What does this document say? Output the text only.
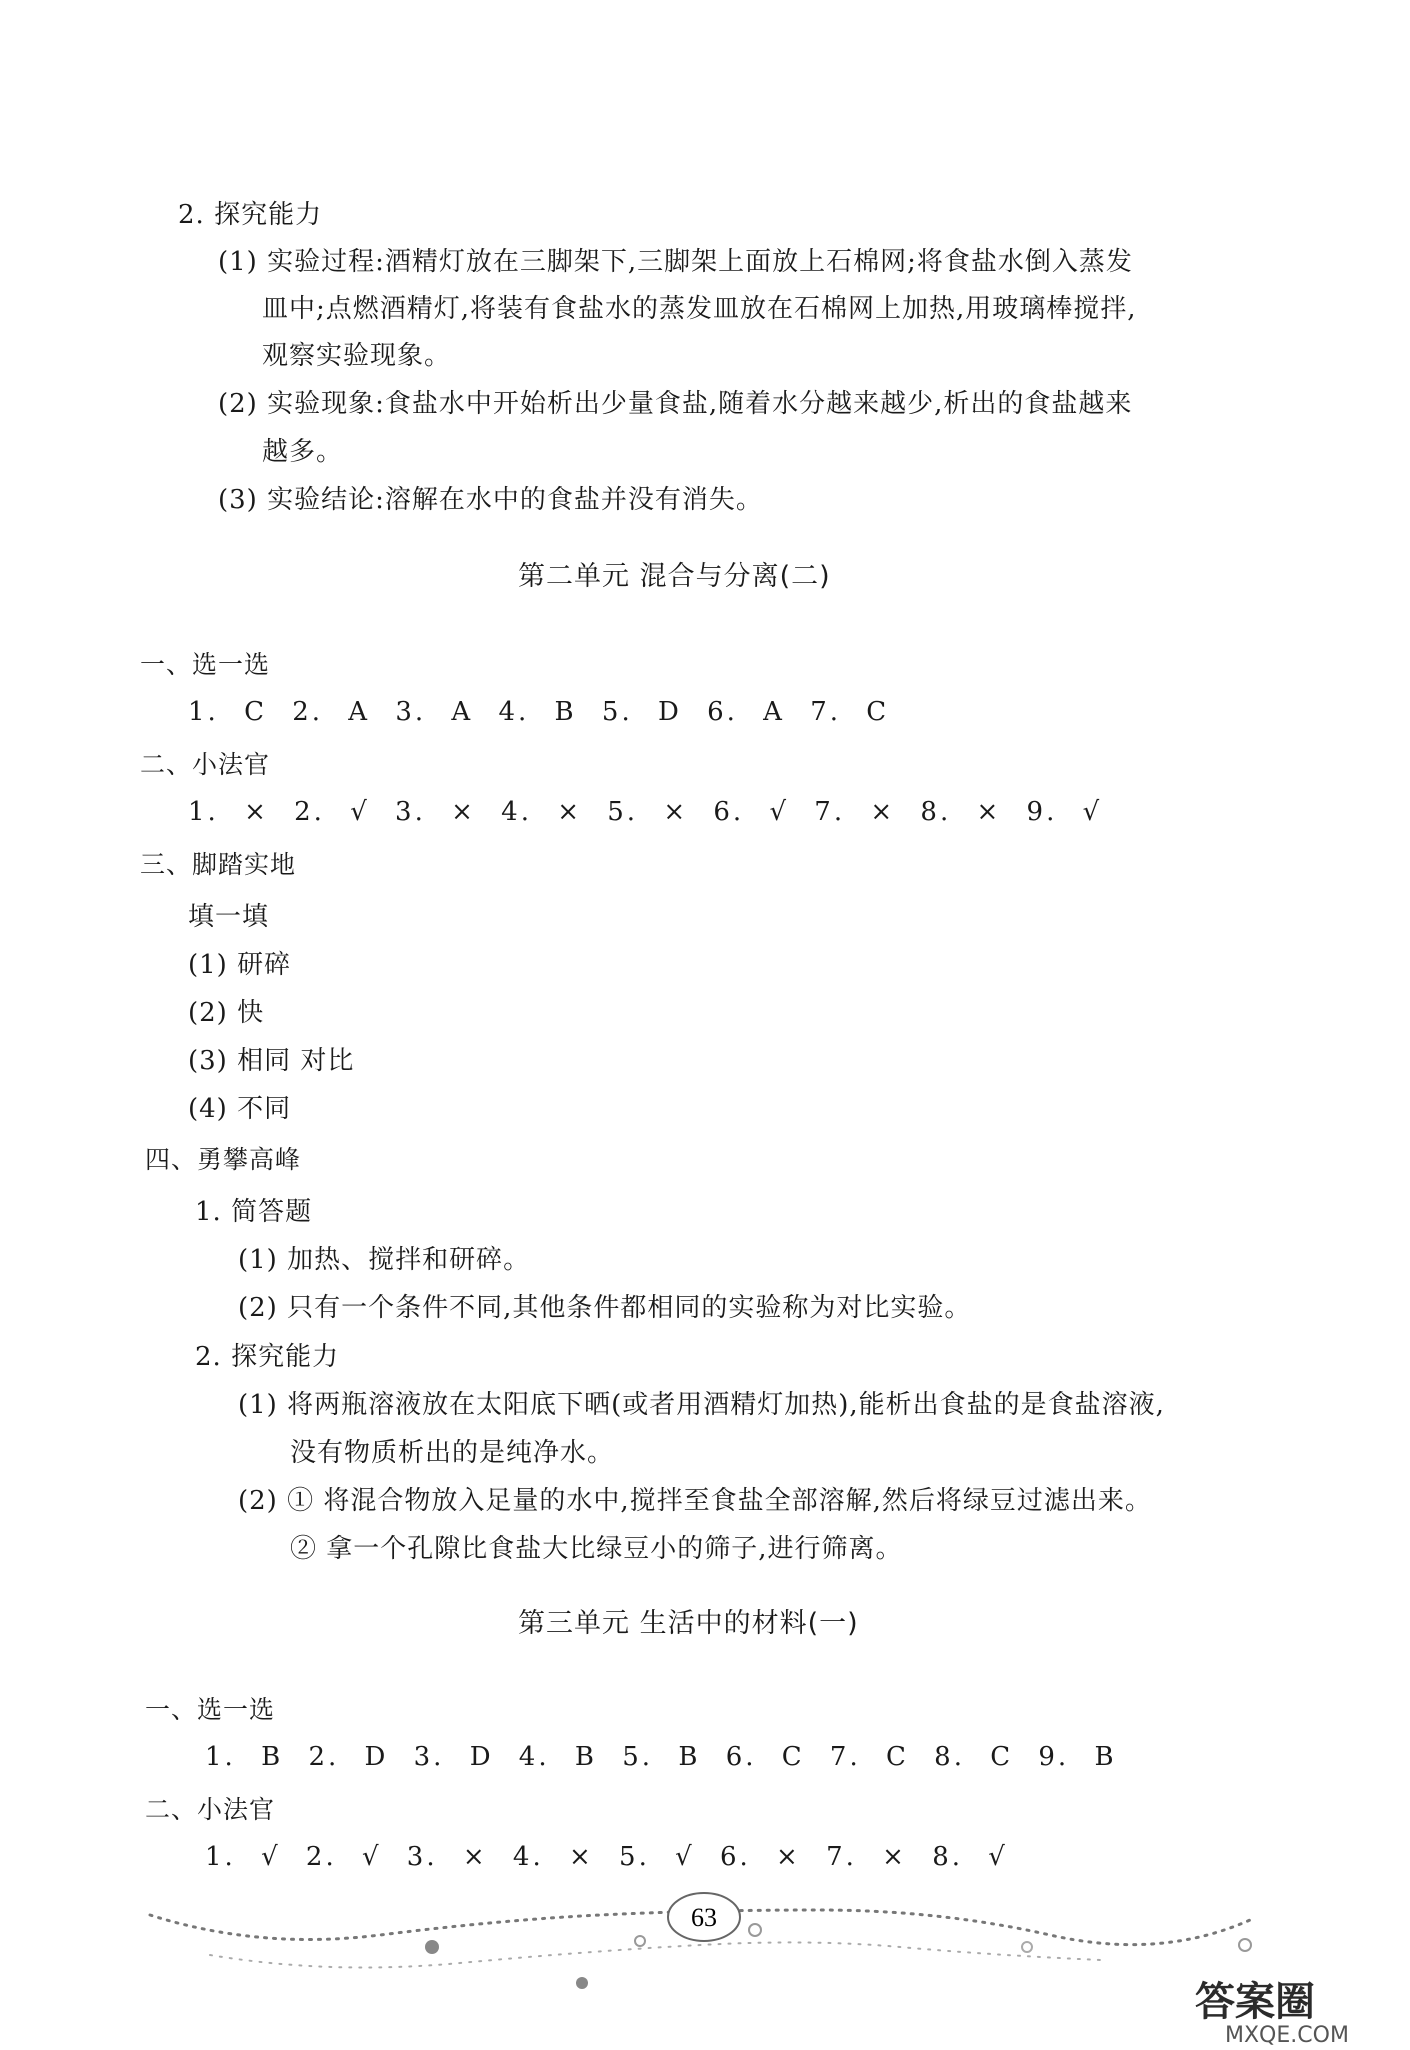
2. 探究能力
(1) 实验过程:酒精灯放在三脚架下,三脚架上面放上石棉网;将食盐水倒入蒸发
皿中;点燃酒精灯,将装有食盐水的蒸发皿放在石棉网上加热,用玻璃棒搅拌,
观察实验现象。
(2) 实验现象:食盐水中开始析出少量食盐,随着水分越来越少,析出的食盐越来
越多。
(3) 实验结论:溶解在水中的食盐并没有消失。
第二单元 混合与分离(二)
一、选一选
1. C 2. A 3. A 4. B 5. D 6. A 7. C
二、小法官
1. × 2. √ 3. × 4. × 5. × 6. √ 7. × 8. × 9. √
三、脚踏实地
填一填
(1) 研碎
(2) 快
(3) 相同 对比
(4) 不同
四、勇攀高峰
1. 简答题
(1) 加热、搅拌和研碎。
(2) 只有一个条件不同,其他条件都相同的实验称为对比实验。
2. 探究能力
(1) 将两瓶溶液放在太阳底下晒(或者用酒精灯加热),能析出食盐的是食盐溶液,
没有物质析出的是纯净水。
(2) ① 将混合物放入足量的水中,搅拌至食盐全部溶解,然后将绿豆过滤出来。
② 拿一个孔隙比食盐大比绿豆小的筛子,进行筛离。
第三单元 生活中的材料(一)
一、选一选
1. B 2. D 3. D 4. B 5. B 6. C 7. C 8. C 9. B
二、小法官
1. √ 2. √ 3. × 4. × 5. √ 6. × 7. × 8. √
63
答案圈
MXQE.COM
